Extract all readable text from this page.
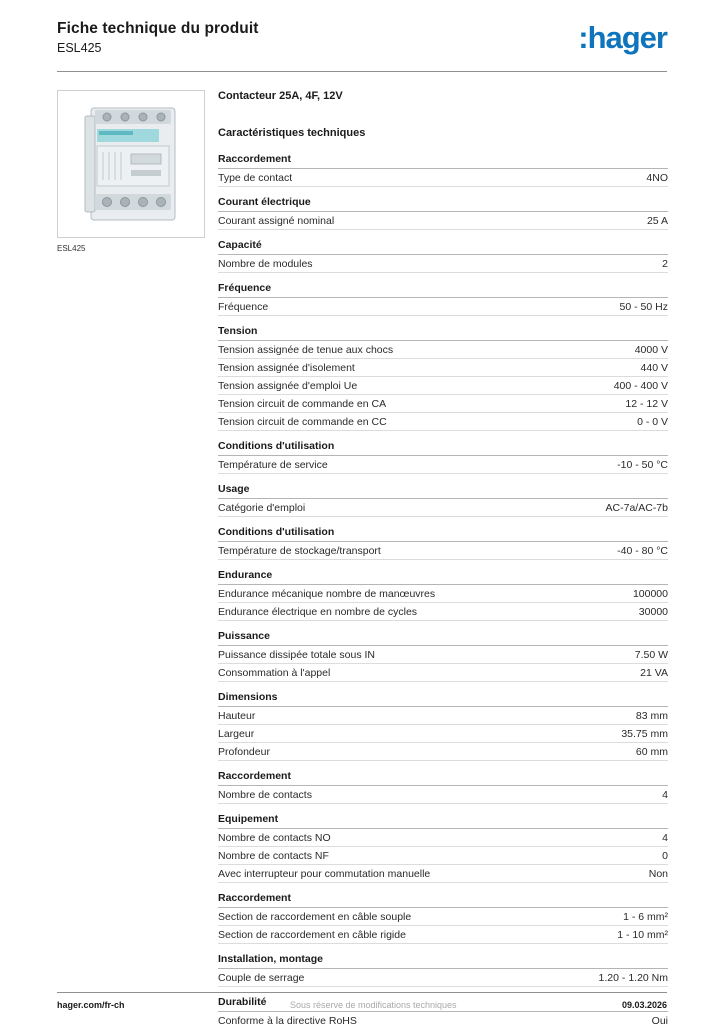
Fiche technique du produit
ESL425	:hager
ESL425
Contacteur 25A, 4F, 12V
Caractéristiques techniques
Raccordement
Type de contact	4NO
Courant électrique
Courant assigné nominal	25 A
Capacité
Nombre de modules	2
Fréquence
Fréquence	50 - 50 Hz
Tension
Tension assignée de tenue aux chocs	4000 V
Tension assignée d'isolement	440 V
Tension assignée d'emploi Ue	400 - 400 V
Tension circuit de commande en CA	12 - 12 V
Tension circuit de commande en CC	0 - 0 V
Conditions d'utilisation
Température de service	-10 - 50 °C
Usage
Catégorie d'emploi	AC-7a/AC-7b
Conditions d'utilisation
Température de stockage/transport	-40 - 80 °C
Endurance
Endurance mécanique nombre de manœuvres	100000
Endurance électrique en nombre de cycles	30000
Puissance
Puissance dissipée totale sous IN	7.50 W
Consommation à l'appel	21 VA
Dimensions
Hauteur	83 mm
Largeur	35.75 mm
Profondeur	60 mm
Raccordement
Nombre de contacts	4
Equipement
Nombre de contacts NO	4
Nombre de contacts NF	0
Avec interrupteur pour commutation manuelle	Non
Raccordement
Section de raccordement en câble souple	1 - 6 mm²
Section de raccordement en câble rigide	1 - 10 mm²
Installation, montage
Couple de serrage	1.20 - 1.20 Nm
Durabilité
Conforme à la directive RoHS	Oui
hager.com/fr-ch	Sous réserve de modifications techniques	09.03.2026
